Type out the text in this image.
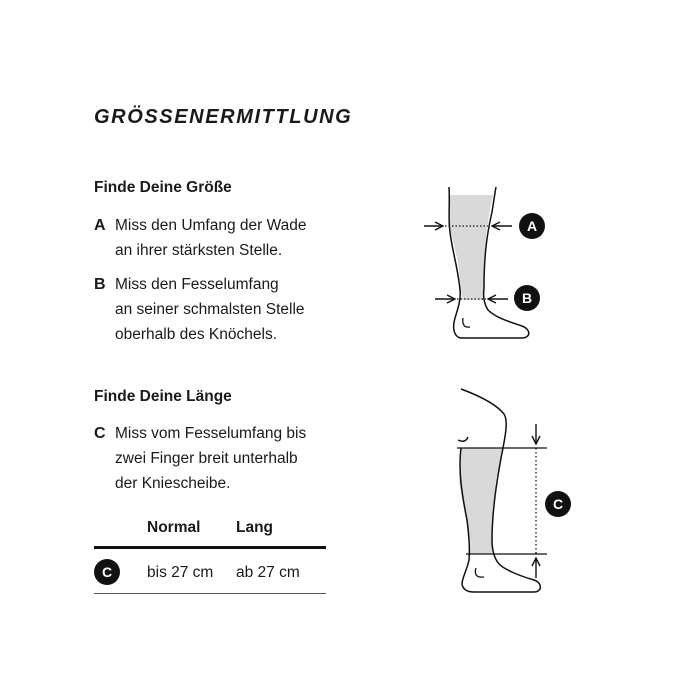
GRÖSSENERMITTLUNG
Finde Deine Größe
A Miss den Umfang der Wade
an ihrer stärksten Stelle.
B Miss den Fesselumfang
an seiner schmalsten Stelle
oberhalb des Knöchels.
Finde Deine Länge
C Miss vom Fesselumfang bis
zwei Finger breit unterhalb
der Kniescheibe.
Normal Lang
C	bis 27 cm ab 27 cm
A
B
C
